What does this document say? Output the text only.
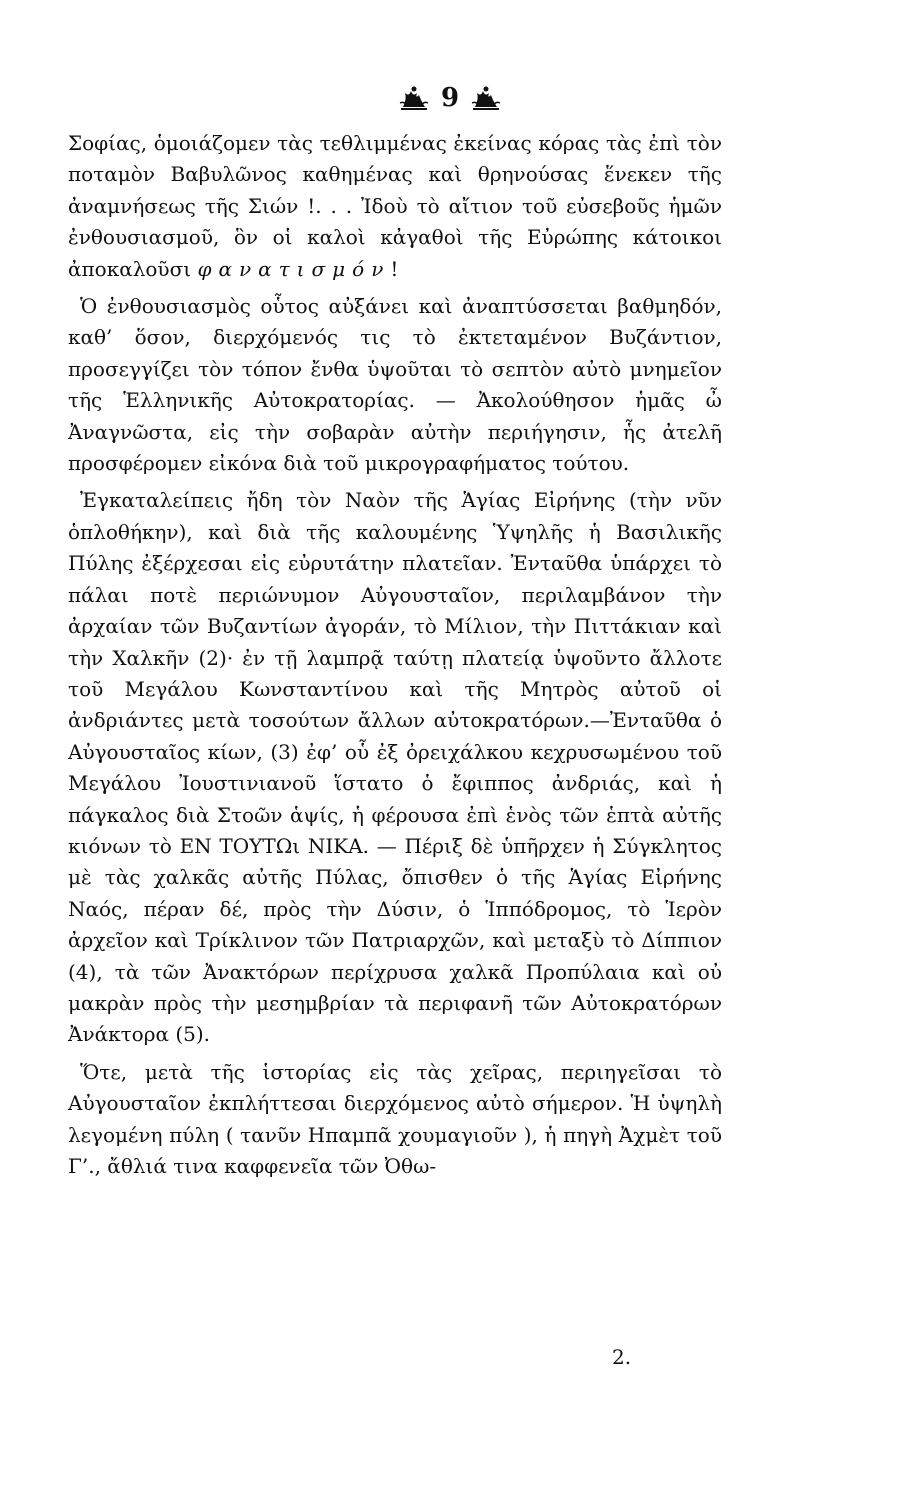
9

Σοφίας, ὁμοιάζομεν τὰς τεθλιμμένας ἐκείνας κόρας τὰς ἐπὶ τὸν ποταμὸν Βαβυλῶνος καθημένας καὶ θρηνούσας ἕνεκεν τῆς ἀναμνήσεως τῆς Σιών !. . . Ἰδοὺ τὸ αἴτιον τοῦ εὐσεβοῦς ἡμῶν ἐνθουσιασμοῦ, ὃν οἱ καλοὶ κἀγαθοὶ τῆς Εὐρώπης κάτοικοι ἀποκαλοῦσι φανατισμόν!

Ὁ ἐνθουσιασμὸς οὗτος αὐξάνει καὶ ἀναπτύσσεται βαθμηδόν, καθ’ ὅσον, διερχόμενός τις τὸ ἐκτεταμένον Βυζάντιον, προσεγγίζει τὸν τόπον ἔνθα ὑψοῦται τὸ σεπτὸν αὐτὸ μνημεῖον τῆς Ἑλληνικῆς Αὐτοκρατορίας. — Ἀκολούθησον ἡμᾶς ὦ Ἀναγνῶστα, εἰς τὴν σοβαρὰν αὐτὴν περιήγησιν, ἧς ἀτελῆ προσφέρομεν εἰκόνα διὰ τοῦ μικρογραφήματος τούτου.

Ἐγκαταλείπεις ἤδη τὸν Ναὸν τῆς Ἁγίας Εἰρήνης (τὴν νῦν ὁπλοθήκην), καὶ διὰ τῆς καλουμένης Ὑψηλῆς ἡ Βασιλικῆς Πύλης ἐξέρχεσαι εἰς εὐρυτάτην πλατεῖαν. Ἐνταῦθα ὑπάρχει τὸ πάλαι ποτὲ περιώνυμον Αὐγουσταῖον, περιλαμβάνον τὴν ἀρχαίαν τῶν Βυζαντίων ἀγοράν, τὸ Μίλιον, τὴν Πιττάκιαν καὶ τὴν Χαλκῆν (2)· ἐν τῇ λαμπρᾷ ταύτῃ πλατείᾳ ὑψοῦντο ἄλλοτε τοῦ Μεγάλου Κωνσταντίνου καὶ τῆς Μητρὸς αὐτοῦ οἱ ἀνδριάντες μετὰ τοσούτων ἄλλων αὐτοκρατόρων.—Ἐνταῦθα ὁ Αὐγουσταῖος κίων, (3) ἐφ’ οὗ ἐξ ὀρειχάλκου κεχρυσωμένου τοῦ Μεγάλου Ἰουστινιανοῦ ἵστατο ὁ ἔφιππος ἀνδριάς, καὶ ἡ πάγκαλος διὰ Στοῶν ἁψίς, ἡ φέρουσα ἐπὶ ἑνὸς τῶν ἑπτὰ αὐτῆς κιόνων τὸ ΕΝ ΤΟΥΤΩι ΝΙΚΑ. — Πέριξ δὲ ὑπῆρχεν ἡ Σύγκλητος μὲ τὰς χαλκᾶς αὐτῆς Πύλας, ὄπισθεν ὁ τῆς Ἁγίας Εἰρήνης Ναός, πέραν δέ, πρὸς τὴν Δύσιν, ὁ Ἱππόδρομος, τὸ Ἱερὸν ἀρχεῖον καὶ Τρίκλινον τῶν Πατριαρχῶν, καὶ μεταξὺ τὸ Δίππιον (4), τὰ τῶν Ἀνακτόρων περίχρυσα χαλκᾶ Προπύλαια καὶ οὐ μακρὰν πρὸς τὴν μεσημβρίαν τὰ περιφανῆ τῶν Αὐτοκρατόρων Ἀνάκτορα (5).

Ὅτε, μετὰ τῆς ἱστορίας εἰς τὰς χεῖρας, περιηγεῖσαι τὸ Αὐγουσταῖον ἐκπλήττεσαι διερχόμενος αὐτὸ σήμερον. Ἡ ὑψηλὴ λεγομένη πύλη ( τανῦν Ηπαμπᾶ χουμαγιοῦν ), ἡ πηγὴ Ἀχμὲτ τοῦ Γ’., ἄθλιά τινα καφφενεῖα τῶν Ὀθω-

2.
